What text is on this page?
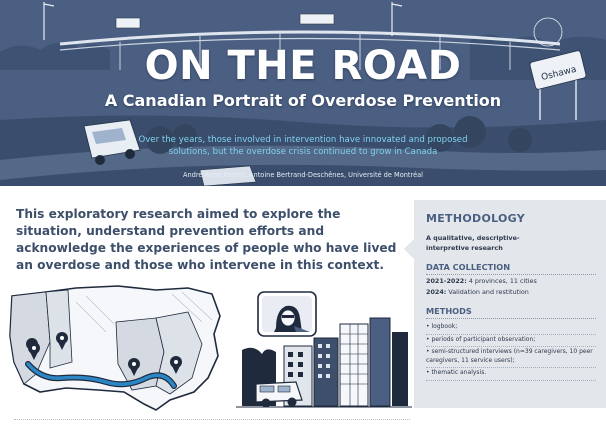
Oshawa
ON THE ROAD
A Canadian Portrait of Overdose Prevention
Over the years, those involved in intervention have innovated and proposed solutions, but the overdose crisis continued to grow in Canada
André-Anne Parent, Antoine Bertrand-Deschênes, Université de Montréal

This exploratory research aimed to explore the situation, understand prevention efforts and acknowledge the experiences of people who have lived an overdose and those who intervene in this context.

METHODOLOGY
A qualitative, descriptive-interpretive research
DATA COLLECTION
2021-2022: 4 provinces, 11 cities
2024: Validation and restitution
METHODS
• logbook;
• periods of participant observation;
• semi-structured interviews (n=39 caregivers, 10 peer caregivers, 11 service users);
• thematic analysis.
